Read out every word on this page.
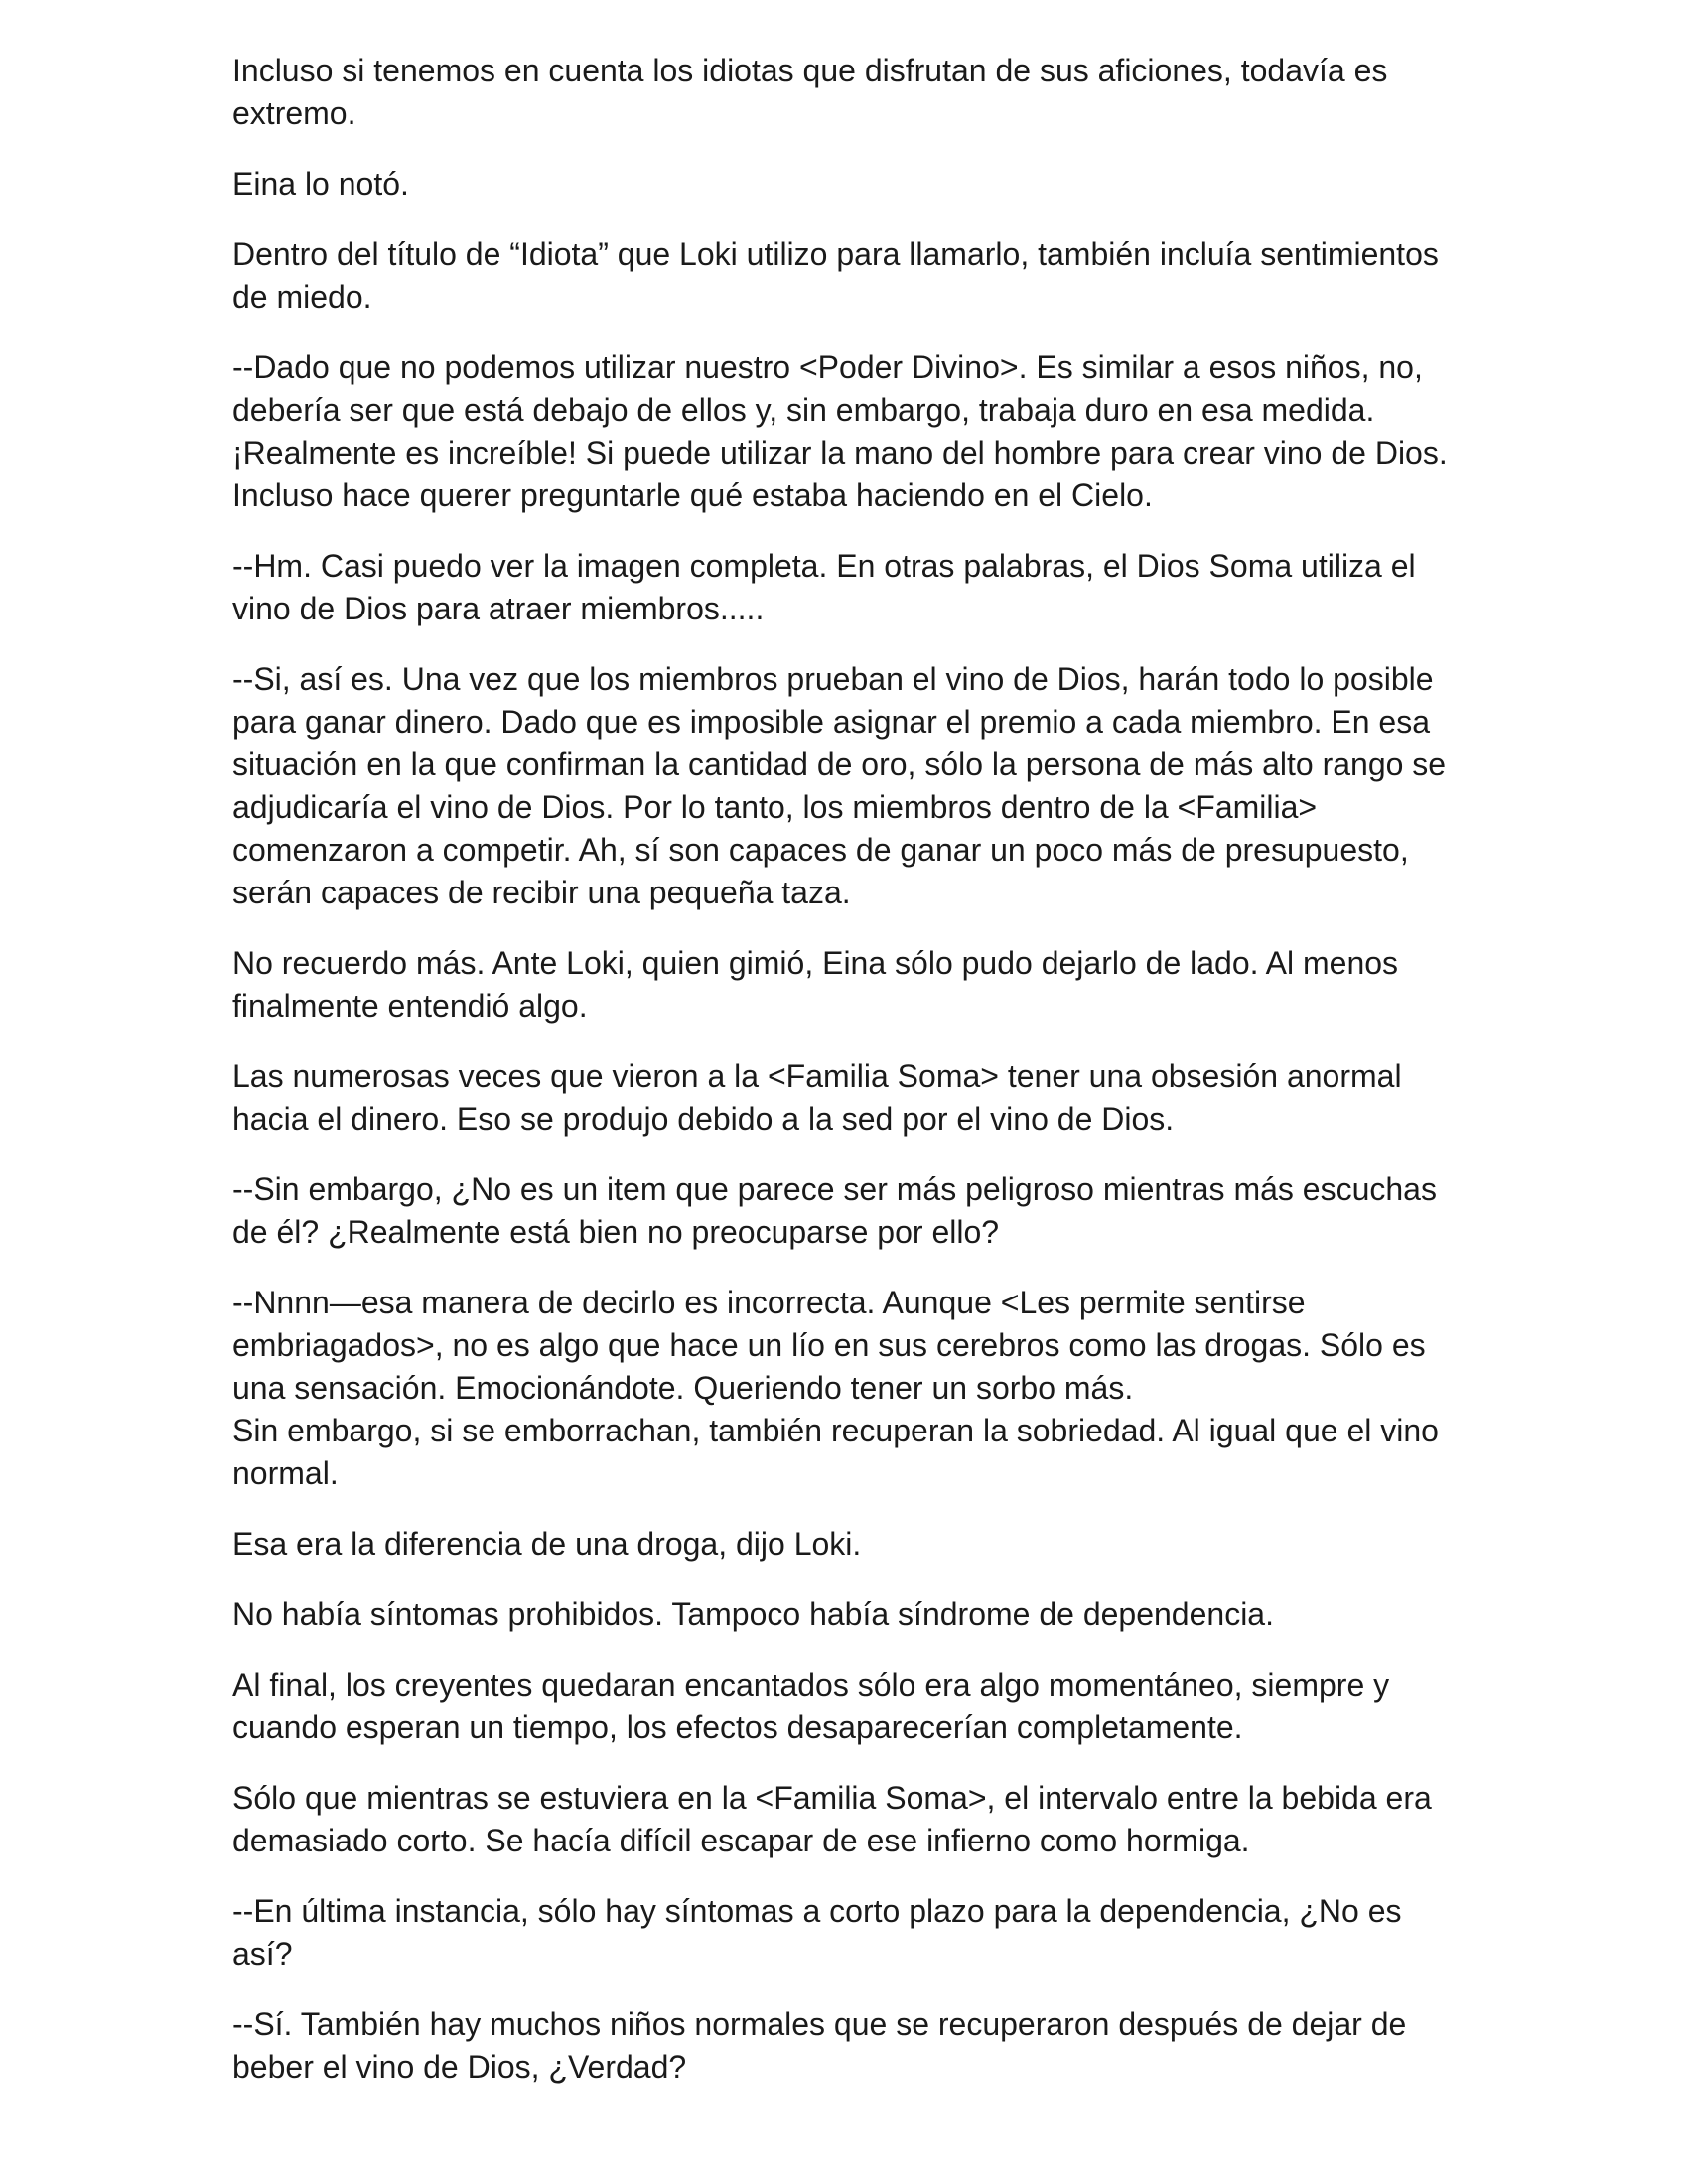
Incluso si tenemos en cuenta los idiotas que disfrutan de sus aficiones, todavía es extremo.

Eina lo notó.

Dentro del título de “Idiota” que Loki utilizo para llamarlo, también incluía sentimientos de miedo.

--Dado que no podemos utilizar nuestro <Poder Divino>. Es similar a esos niños, no, debería ser que está debajo de ellos y, sin embargo, trabaja duro en esa medida. ¡Realmente es increíble! Si puede utilizar la mano del hombre para crear vino de Dios. Incluso hace querer preguntarle qué estaba haciendo en el Cielo.

--Hm. Casi puedo ver la imagen completa. En otras palabras, el Dios Soma utiliza el vino de Dios para atraer miembros.....

--Si, así es. Una vez que los miembros prueban el vino de Dios, harán todo lo posible para ganar dinero. Dado que es imposible asignar el premio a cada miembro. En esa situación en la que confirman la cantidad de oro, sólo la persona de más alto rango se adjudicaría el vino de Dios. Por lo tanto, los miembros dentro de la <Familia> comenzaron a competir. Ah, sí son capaces de ganar un poco más de presupuesto, serán capaces de recibir una pequeña taza.

No recuerdo más. Ante Loki, quien gimió, Eina sólo pudo dejarlo de lado. Al menos finalmente entendió algo.

Las numerosas veces que vieron a la <Familia Soma> tener una obsesión anormal hacia el dinero. Eso se produjo debido a la sed por el vino de Dios.

--Sin embargo, ¿No es un item que parece ser más peligroso mientras más escuchas de él? ¿Realmente está bien no preocuparse por ello?

--Nnnn—esa manera de decirlo es incorrecta. Aunque <Les permite sentirse embriagados>, no es algo que hace un lío en sus cerebros como las drogas. Sólo es una sensación. Emocionándote. Queriendo tener un sorbo más.
Sin embargo, si se emborrachan, también recuperan la sobriedad. Al igual que el vino normal.

Esa era la diferencia de una droga, dijo Loki.

No había síntomas prohibidos. Tampoco había síndrome de dependencia.

Al final, los creyentes quedaran encantados sólo era algo momentáneo, siempre y cuando esperan un tiempo, los efectos desaparecerían completamente.

Sólo que mientras se estuviera en la <Familia Soma>, el intervalo entre la bebida era demasiado corto. Se hacía difícil escapar de ese infierno como hormiga.

--En última instancia, sólo hay síntomas a corto plazo para la dependencia, ¿No es así?

--Sí. También hay muchos niños normales que se recuperaron después de dejar de beber el vino de Dios, ¿Verdad?
